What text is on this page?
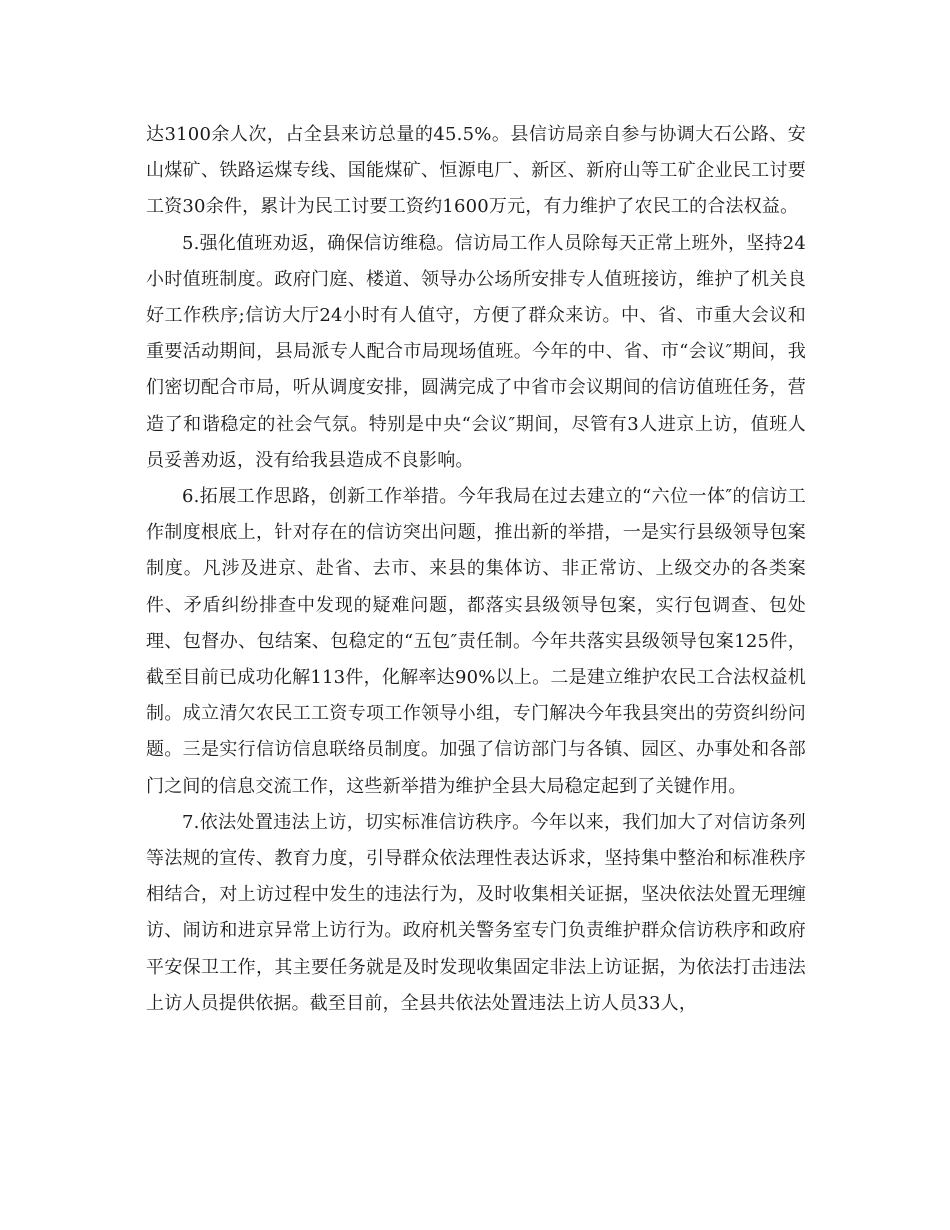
达3100余人次，占全县来访总量的45.5%。县信访局亲自参与协调大石公路、安山煤矿、铁路运煤专线、国能煤矿、恒源电厂、新区、新府山等工矿企业民工讨要工资30余件，累计为民工讨要工资约1600万元，有力维护了农民工的合法权益。

5.强化值班劝返，确保信访维稳。信访局工作人员除每天正常上班外，坚持24小时值班制度。政府门庭、楼道、领导办公场所安排专人值班接访，维护了机关良好工作秩序;信访大厅24小时有人值守，方便了群众来访。中、省、市重大会议和重要活动期间，县局派专人配合市局现场值班。今年的中、省、市“会议″期间，我们密切配合市局，听从调度安排，圆满完成了中省市会议期间的信访值班任务，营造了和谐稳定的社会气氛。特别是中央“会议″期间，尽管有3人进京上访，值班人员妥善劝返，没有给我县造成不良影响。

6.拓展工作思路，创新工作举措。今年我局在过去建立的“六位一体″的信访工作制度根底上，针对存在的信访突出问题，推出新的举措，一是实行县级领导包案制度。凡涉及进京、赴省、去市、来县的集体访、非正常访、上级交办的各类案件、矛盾纠纷排查中发现的疑难问题，都落实县级领导包案，实行包调查、包处理、包督办、包结案、包稳定的“五包″责任制。今年共落实县级领导包案125件，截至目前已成功化解113件，化解率达90%以上。二是建立维护农民工合法权益机制。成立清欠农民工工资专项工作领导小组，专门解决今年我县突出的劳资纠纷问题。三是实行信访信息联络员制度。加强了信访部门与各镇、园区、办事处和各部门之间的信息交流工作，这些新举措为维护全县大局稳定起到了关键作用。

7.依法处置违法上访，切实标准信访秩序。今年以来，我们加大了对信访条列等法规的宣传、教育力度，引导群众依法理性表达诉求，坚持集中整治和标准秩序相结合，对上访过程中发生的违法行为，及时收集相关证据，坚决依法处置无理缠访、闹访和进京异常上访行为。政府机关警务室专门负责维护群众信访秩序和政府平安保卫工作，其主要任务就是及时发现收集固定非法上访证据，为依法打击违法上访人员提供依据。截至目前，全县共依法处置违法上访人员33人，
